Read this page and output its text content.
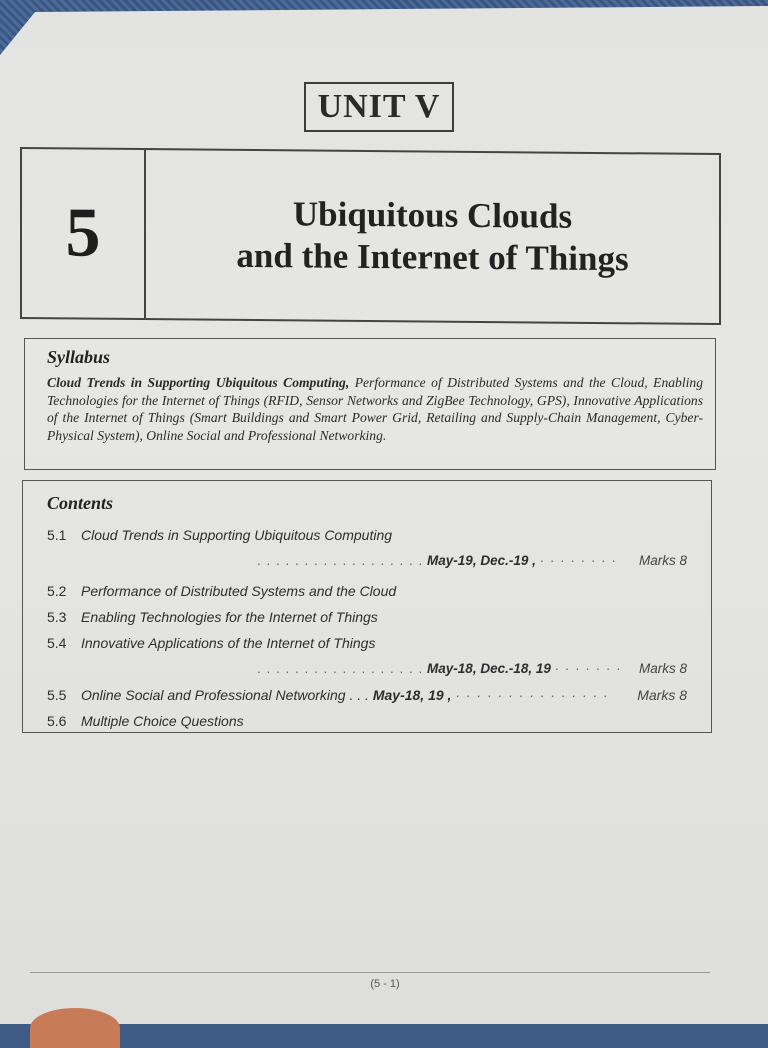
UNIT V
5	Ubiquitous Clouds
and the Internet of Things
Syllabus
Cloud Trends in Supporting Ubiquitous Computing, Performance of Distributed Systems and the Cloud, Enabling Technologies for the Internet of Things (RFID, Sensor Networks and ZigBee Technology, GPS), Innovative Applications of the Internet of Things (Smart Buildings and Smart Power Grid, Retailing and Supply-Chain Management, Cyber-Physical System), Online Social and Professional Networking.
Contents
5.1 Cloud Trends in Supporting Ubiquitous Computing
. . . . . . . . . . . . . . . . . . May-19, Dec.-19 , · · · · · · · · Marks 8
5.2 Performance of Distributed Systems and the Cloud
5.3 Enabling Technologies for the Internet of Things
5.4 Innovative Applications of the Internet of Things
. . . . . . . . . . . . . . . . . . May-18, Dec.-18, 19 · · · · · · · Marks 8
5.5 Online Social and Professional Networking . . . May-18, 19 , · · · · · · · · · · · · · · · Marks 8
5.6 Multiple Choice Questions
(5 - 1)
